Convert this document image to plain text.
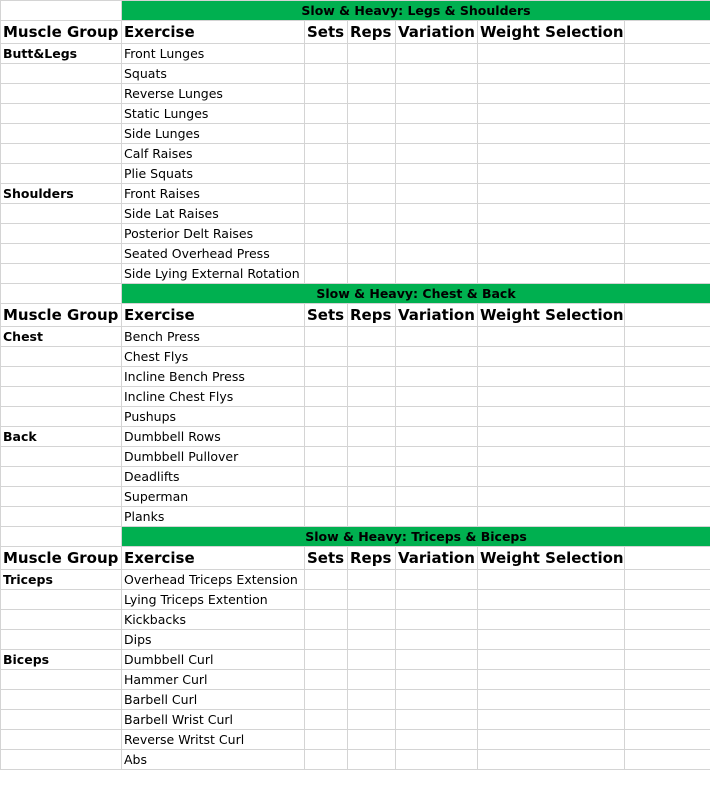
	Slow & Heavy: Legs & Shoulders					
Muscle Group	Exercise	Sets	Reps	Variation	Weight Selection	
Butt&Legs	Front Lunges					
	Squats					
	Reverse Lunges					
	Static Lunges					
	Side Lunges					
	Calf Raises					
	Plie Squats					
Shoulders	Front Raises					
	Side Lat Raises					
	Posterior Delt Raises					
	Seated Overhead Press					
	Side Lying External Rotation					
	Slow & Heavy: Chest & Back					
Muscle Group	Exercise	Sets	Reps	Variation	Weight Selection	
Chest	Bench Press					
	Chest Flys					
	Incline Bench Press					
	Incline Chest Flys					
	Pushups					
Back	Dumbbell Rows					
	Dumbbell Pullover					
	Deadlifts					
	Superman					
	Planks					
	Slow & Heavy: Triceps & Biceps					
Muscle Group	Exercise	Sets	Reps	Variation	Weight Selection	
Triceps	Overhead Triceps Extension					
	Lying Triceps Extention					
	Kickbacks					
	Dips					
Biceps	Dumbbell Curl					
	Hammer Curl					
	Barbell Curl					
	Barbell Wrist Curl					
	Reverse Writst Curl					
	Abs					
